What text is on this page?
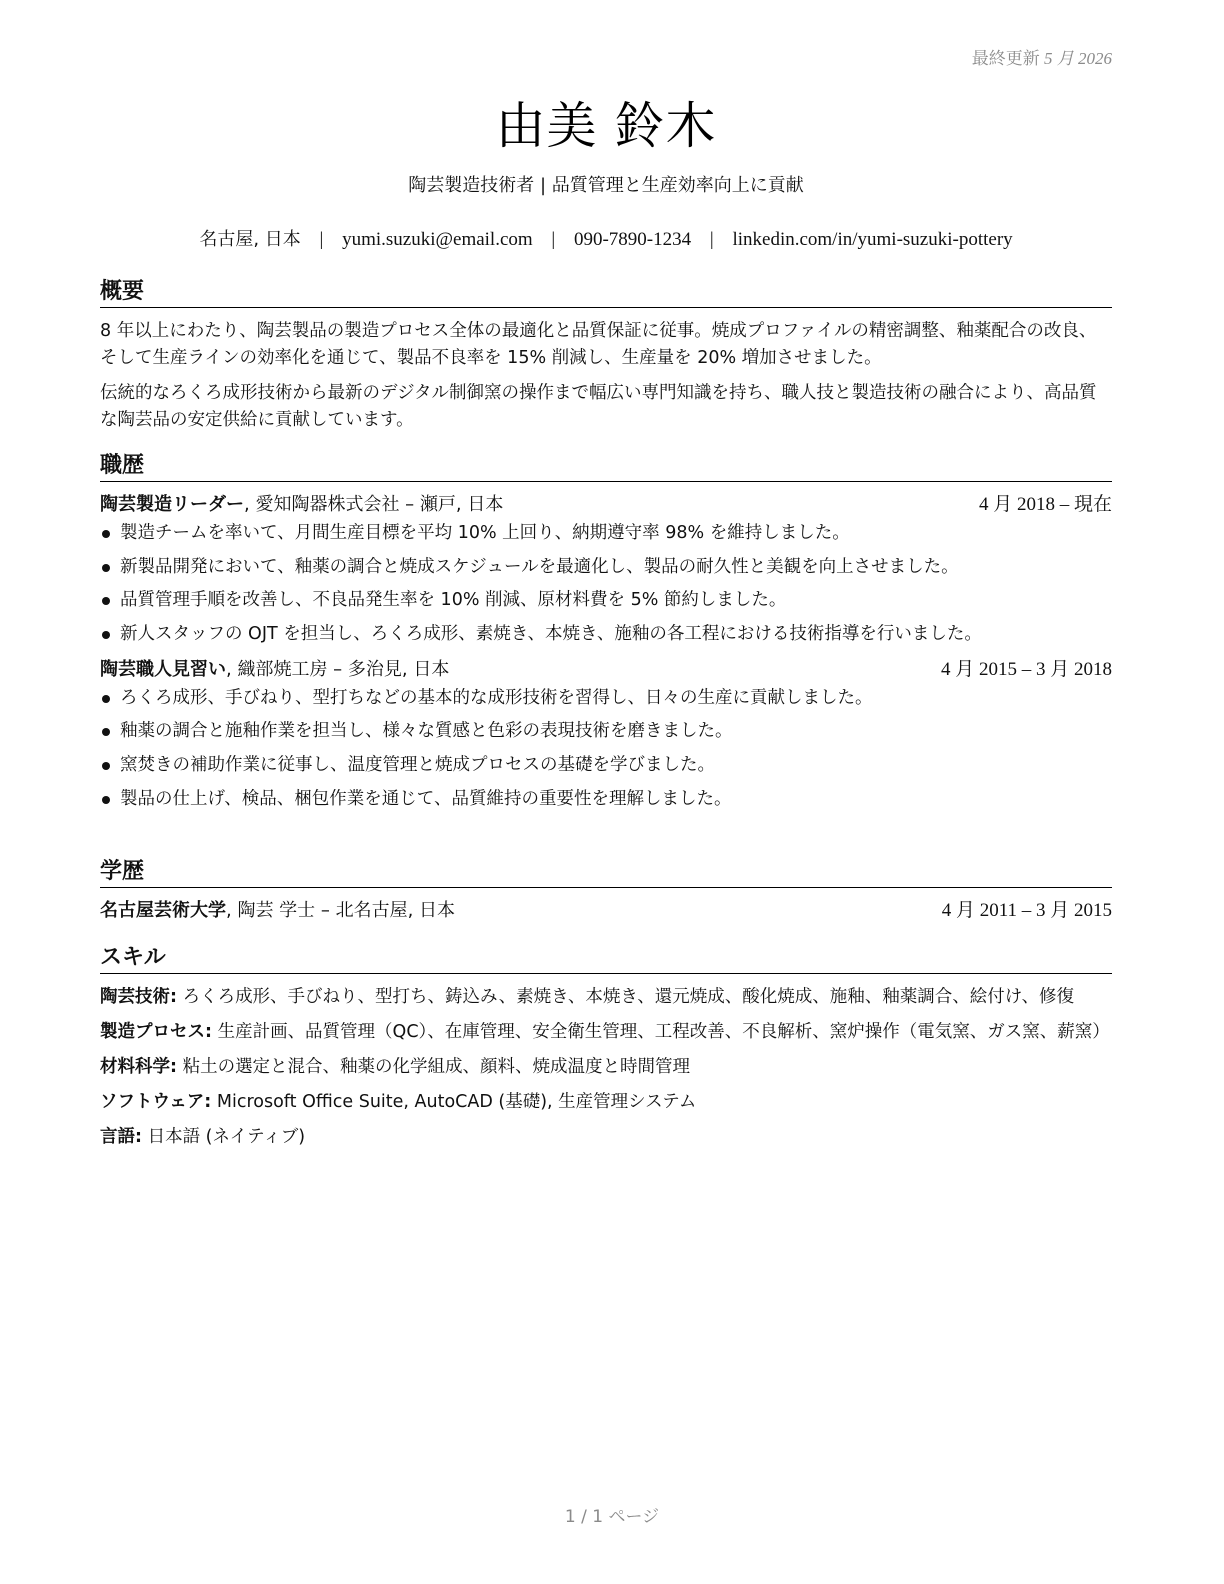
最終更新 5 月 2026
由美 鈴木
陶芸製造技術者 | 品質管理と生産効率向上に貢献
名古屋, 日本 | yumi.suzuki@email.com | 090-7890-1234 | linkedin.com/in/yumi-suzuki-pottery
概要

8 年以上にわたり、陶芸製品の製造プロセス全体の最適化と品質保証に従事。焼成プロファイルの精密調整、釉薬配合の改良、そして生産ラインの効率化を通じて、製品不良率を 15% 削減し、生産量を 20% 増加させました。

伝統的なろくろ成形技術から最新のデジタル制御窯の操作まで幅広い専門知識を持ち、職人技と製造技術の融合により、高品質な陶芸品の安定供給に貢献しています。

職歴
陶芸製造リーダー, 愛知陶器株式会社 – 瀬戸, 日本	4 月 2018 – 現在
製造チームを率いて、月間生産目標を平均 10% 上回り、納期遵守率 98% を維持しました。
新製品開発において、釉薬の調合と焼成スケジュールを最適化し、製品の耐久性と美観を向上させました。
品質管理手順を改善し、不良品発生率を 10% 削減、原材料費を 5% 節約しました。
新人スタッフの OJT を担当し、ろくろ成形、素焼き、本焼き、施釉の各工程における技術指導を行いました。
陶芸職人見習い, 織部焼工房 – 多治見, 日本	4 月 2015 – 3 月 2018
ろくろ成形、手びねり、型打ちなどの基本的な成形技術を習得し、日々の生産に貢献しました。
釉薬の調合と施釉作業を担当し、様々な質感と色彩の表現技術を磨きました。
窯焚きの補助作業に従事し、温度管理と焼成プロセスの基礎を学びました。
製品の仕上げ、検品、梱包作業を通じて、品質維持の重要性を理解しました。
学歴
名古屋芸術大学, 陶芸 学士 – 北名古屋, 日本	4 月 2011 – 3 月 2015
スキル

陶芸技術: ろくろ成形、手びねり、型打ち、鋳込み、素焼き、本焼き、還元焼成、酸化焼成、施釉、釉薬調合、絵付け、修復

製造プロセス: 生産計画、品質管理（QC）、在庫管理、安全衛生管理、工程改善、不良解析、窯炉操作（電気窯、ガス窯、薪窯）

材料科学: 粘土の選定と混合、釉薬の化学組成、顔料、焼成温度と時間管理

ソフトウェア: Microsoft Office Suite, AutoCAD (基礎), 生産管理システム

言語: 日本語 (ネイティブ)

1 / 1 ページ
